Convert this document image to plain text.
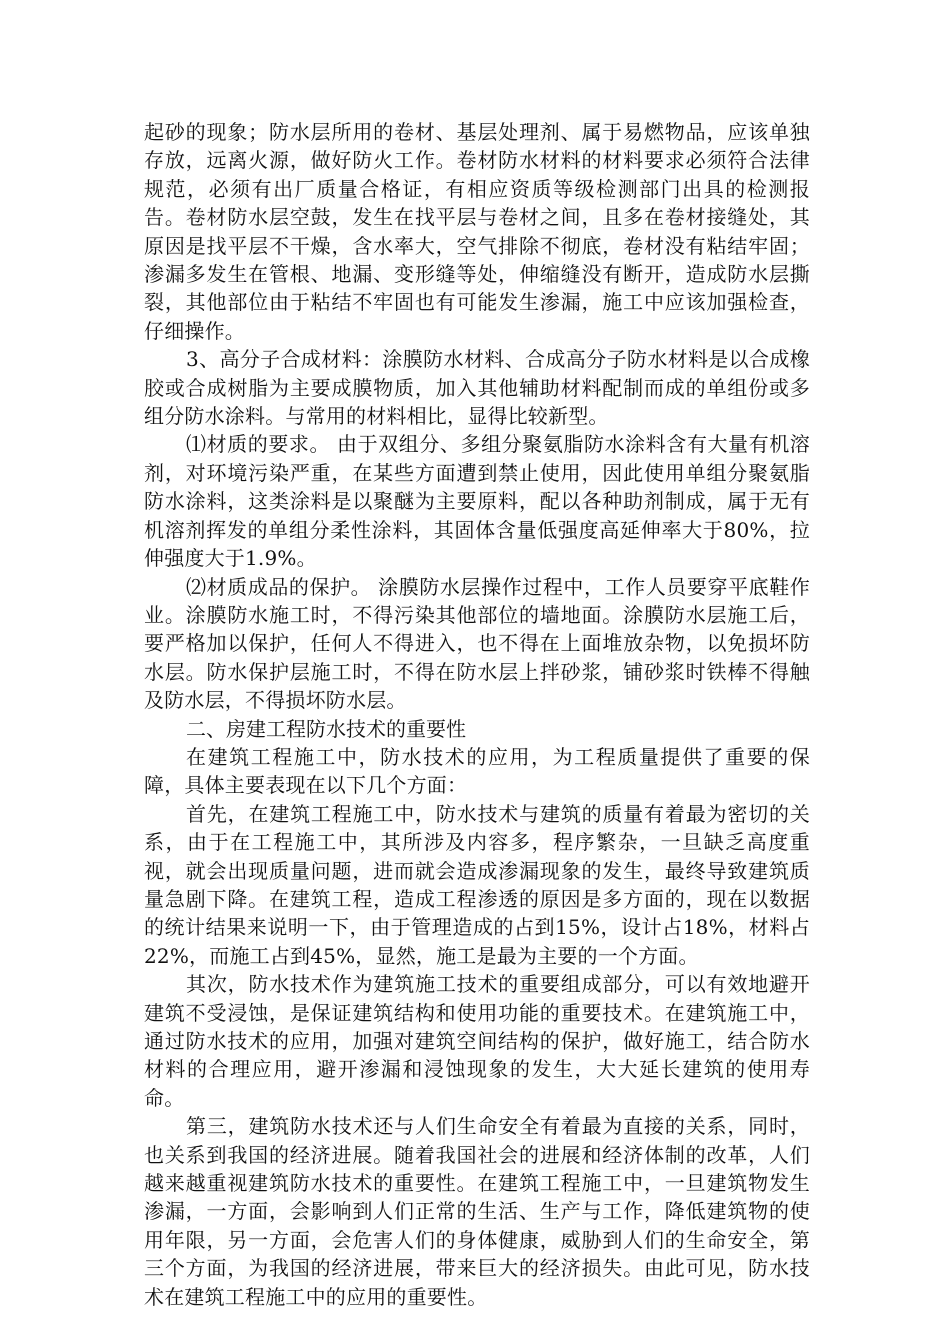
起砂的现象；防水层所用的卷材、基层处理剂、属于易燃物品，应该单独存放，远离火源，做好防火工作。卷材防水材料的材料要求必须符合法律规范，必须有出厂质量合格证，有相应资质等级检测部门出具的检测报告。卷材防水层空鼓，发生在找平层与卷材之间，且多在卷材接缝处，其原因是找平层不干燥，含水率大，空气排除不彻底，卷材没有粘结牢固；渗漏多发生在管根、地漏、变形缝等处，伸缩缝没有断开，造成防水层撕裂，其他部位由于粘结不牢固也有可能发生渗漏，施工中应该加强检查，仔细操作。

3、高分子合成材料：涂膜防水材料、合成高分子防水材料是以合成橡胶或合成树脂为主要成膜物质，加入其他辅助材料配制而成的单组份或多组分防水涂料。与常用的材料相比，显得比较新型。

⑴材质的要求。 由于双组分、多组分聚氨脂防水涂料含有大量有机溶剂，对环境污染严重，在某些方面遭到禁止使用，因此使用单组分聚氨脂防水涂料，这类涂料是以聚醚为主要原料，配以各种助剂制成，属于无有机溶剂挥发的单组分柔性涂料，其固体含量低强度高延伸率大于80%，拉伸强度大于1.9%。

⑵材质成品的保护。 涂膜防水层操作过程中，工作人员要穿平底鞋作业。涂膜防水施工时，不得污染其他部位的墙地面。涂膜防水层施工后，要严格加以保护，任何人不得进入，也不得在上面堆放杂物，以免损坏防水层。防水保护层施工时，不得在防水层上拌砂浆，铺砂浆时铁棒不得触及防水层，不得损坏防水层。

二、房建工程防水技术的重要性

在建筑工程施工中，防水技术的应用，为工程质量提供了重要的保障，具体主要表现在以下几个方面：

首先，在建筑工程施工中，防水技术与建筑的质量有着最为密切的关系，由于在工程施工中，其所涉及内容多，程序繁杂，一旦缺乏高度重视，就会出现质量问题，进而就会造成渗漏现象的发生，最终导致建筑质量急剧下降。在建筑工程，造成工程渗透的原因是多方面的，现在以数据的统计结果来说明一下，由于管理造成的占到15%，设计占18%，材料占22%，而施工占到45%，显然，施工是最为主要的一个方面。

其次，防水技术作为建筑施工技术的重要组成部分，可以有效地避开建筑不受浸蚀，是保证建筑结构和使用功能的重要技术。在建筑施工中，通过防水技术的应用，加强对建筑空间结构的保护，做好施工，结合防水材料的合理应用，避开渗漏和浸蚀现象的发生，大大延长建筑的使用寿命。

第三，建筑防水技术还与人们生命安全有着最为直接的关系，同时，也关系到我国的经济进展。随着我国社会的进展和经济体制的改革，人们越来越重视建筑防水技术的重要性。在建筑工程施工中，一旦建筑物发生渗漏，一方面，会影响到人们正常的生活、生产与工作，降低建筑物的使用年限，另一方面，会危害人们的身体健康，威胁到人们的生命安全，第三个方面，为我国的经济进展，带来巨大的经济损失。由此可见，防水技术在建筑工程施工中的应用的重要性。
